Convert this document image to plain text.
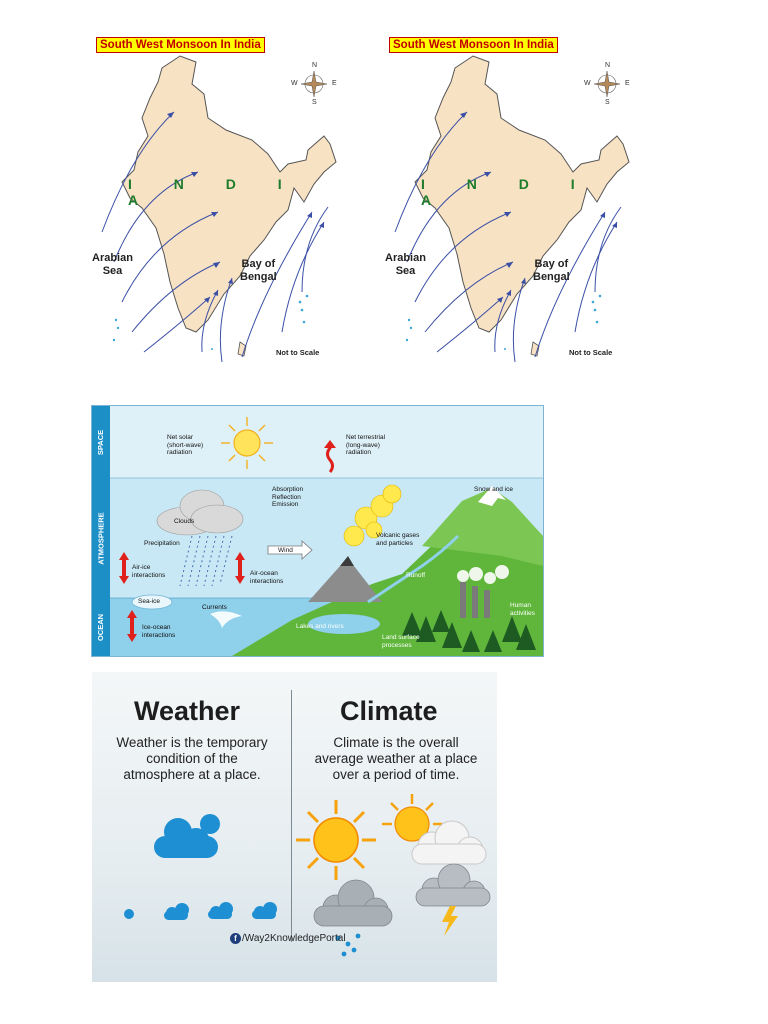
South West Monsoon In India
N
S
E
W
I N D I A
Arabian
Sea
Bay of
Bengal
Not to Scale
South West Monsoon In India
N
S
E
W
I N D I A
Arabian
Sea
Bay of
Bengal
Not to Scale
SPACE
ATMOSPHERE
OCEAN
Net solar
(short-wave)
radiation
Net terrestrial
(long-wave)
radiation
Absorption
Reflection
Emission
Snow and ice
Clouds
Precipitation
Wind
Volcanic gases
and particles
Air-ice
interactions	Air-ocean
interactions
Runoff
Human
activities
Sea-ice
Currents
Ice-ocean
interactions
Lakes and rivers
Land surface
processes
Weather
Weather is the temporary
condition of the
atmosphere at a place.
Climate
Climate is the overall
average weather at a place
over a period of time.
f /Way2KnowledgePortal
